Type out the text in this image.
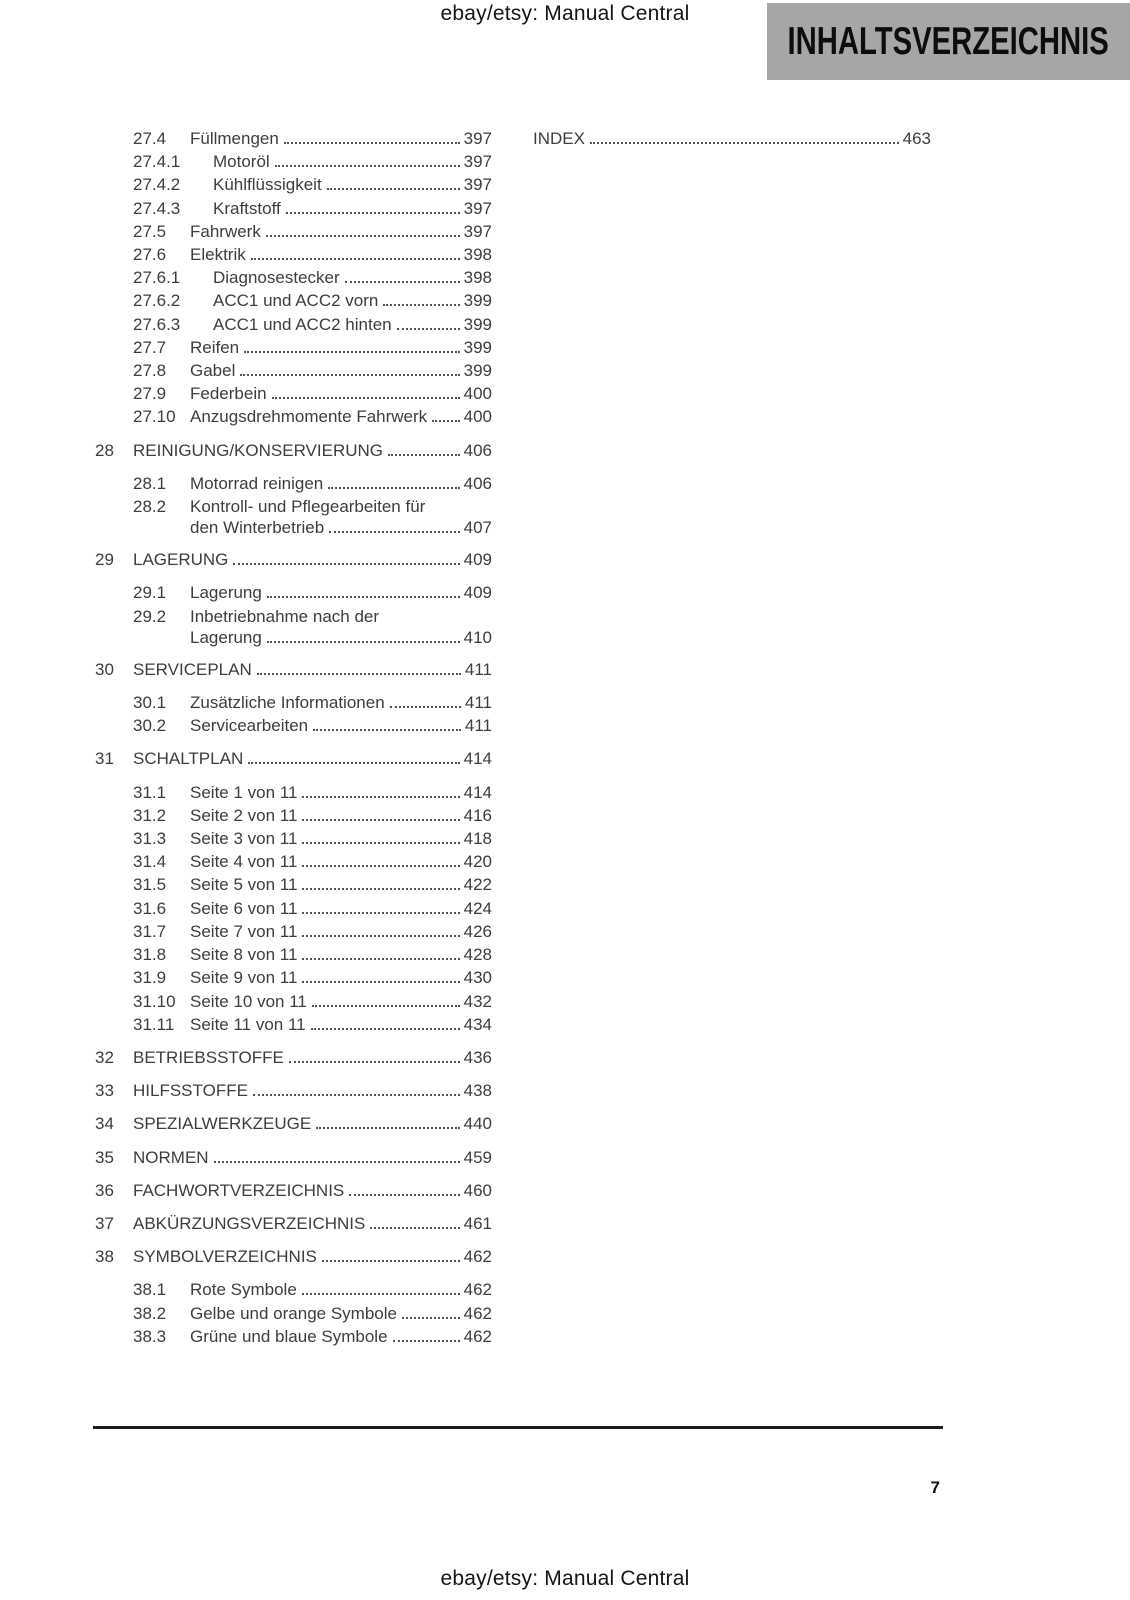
ebay/etsy: Manual Central
INHALTSVERZEICHNIS
27.4	Füllmengen	397
27.4.1	Motoröl	397
27.4.2	Kühlflüssigkeit	397
27.4.3	Kraftstoff	397
27.5	Fahrwerk	397
27.6	Elektrik	398
27.6.1	Diagnosestecker	398
27.6.2	ACC1 und ACC2 vorn	399
27.6.3	ACC1 und ACC2 hinten	399
27.7	Reifen	399
27.8	Gabel	399
27.9	Federbein	400
27.10 Anzugsdrehmomente Fahrwerk 400
28	REINIGUNG/KONSERVIERUNG	406
28.1	Motorrad reinigen	406
28.2	Kontroll- und Pflegearbeiten für
den Winterbetrieb	407
29	LAGERUNG	409
29.1	Lagerung	409
29.2	Inbetriebnahme nach der
Lagerung	410
30	SERVICEPLAN	411
30.1	Zusätzliche Informationen	411
30.2	Servicearbeiten	411
31	SCHALTPLAN	414
31.1	Seite 1 von 11	414
31.2	Seite 2 von 11	416
31.3	Seite 3 von 11	418
31.4	Seite 4 von 11	420
31.5	Seite 5 von 11	422
31.6	Seite 6 von 11	424
31.7	Seite 7 von 11	426
31.8	Seite 8 von 11	428
31.9	Seite 9 von 11	430
31.10 Seite 10 von 11	432
31.11 Seite 11 von 11	434
32	BETRIEBSSTOFFE	436
33	HILFSSTOFFE	438
34	SPEZIALWERKZEUGE	440
35	NORMEN	459
36	FACHWORTVERZEICHNIS	460
37	ABKÜRZUNGSVERZEICHNIS	461
38	SYMBOLVERZEICHNIS	462
38.1	Rote Symbole	462
38.2	Gelbe und orange Symbole	462
38.3	Grüne und blaue Symbole	462
INDEX	463
7
ebay/etsy: Manual Central
